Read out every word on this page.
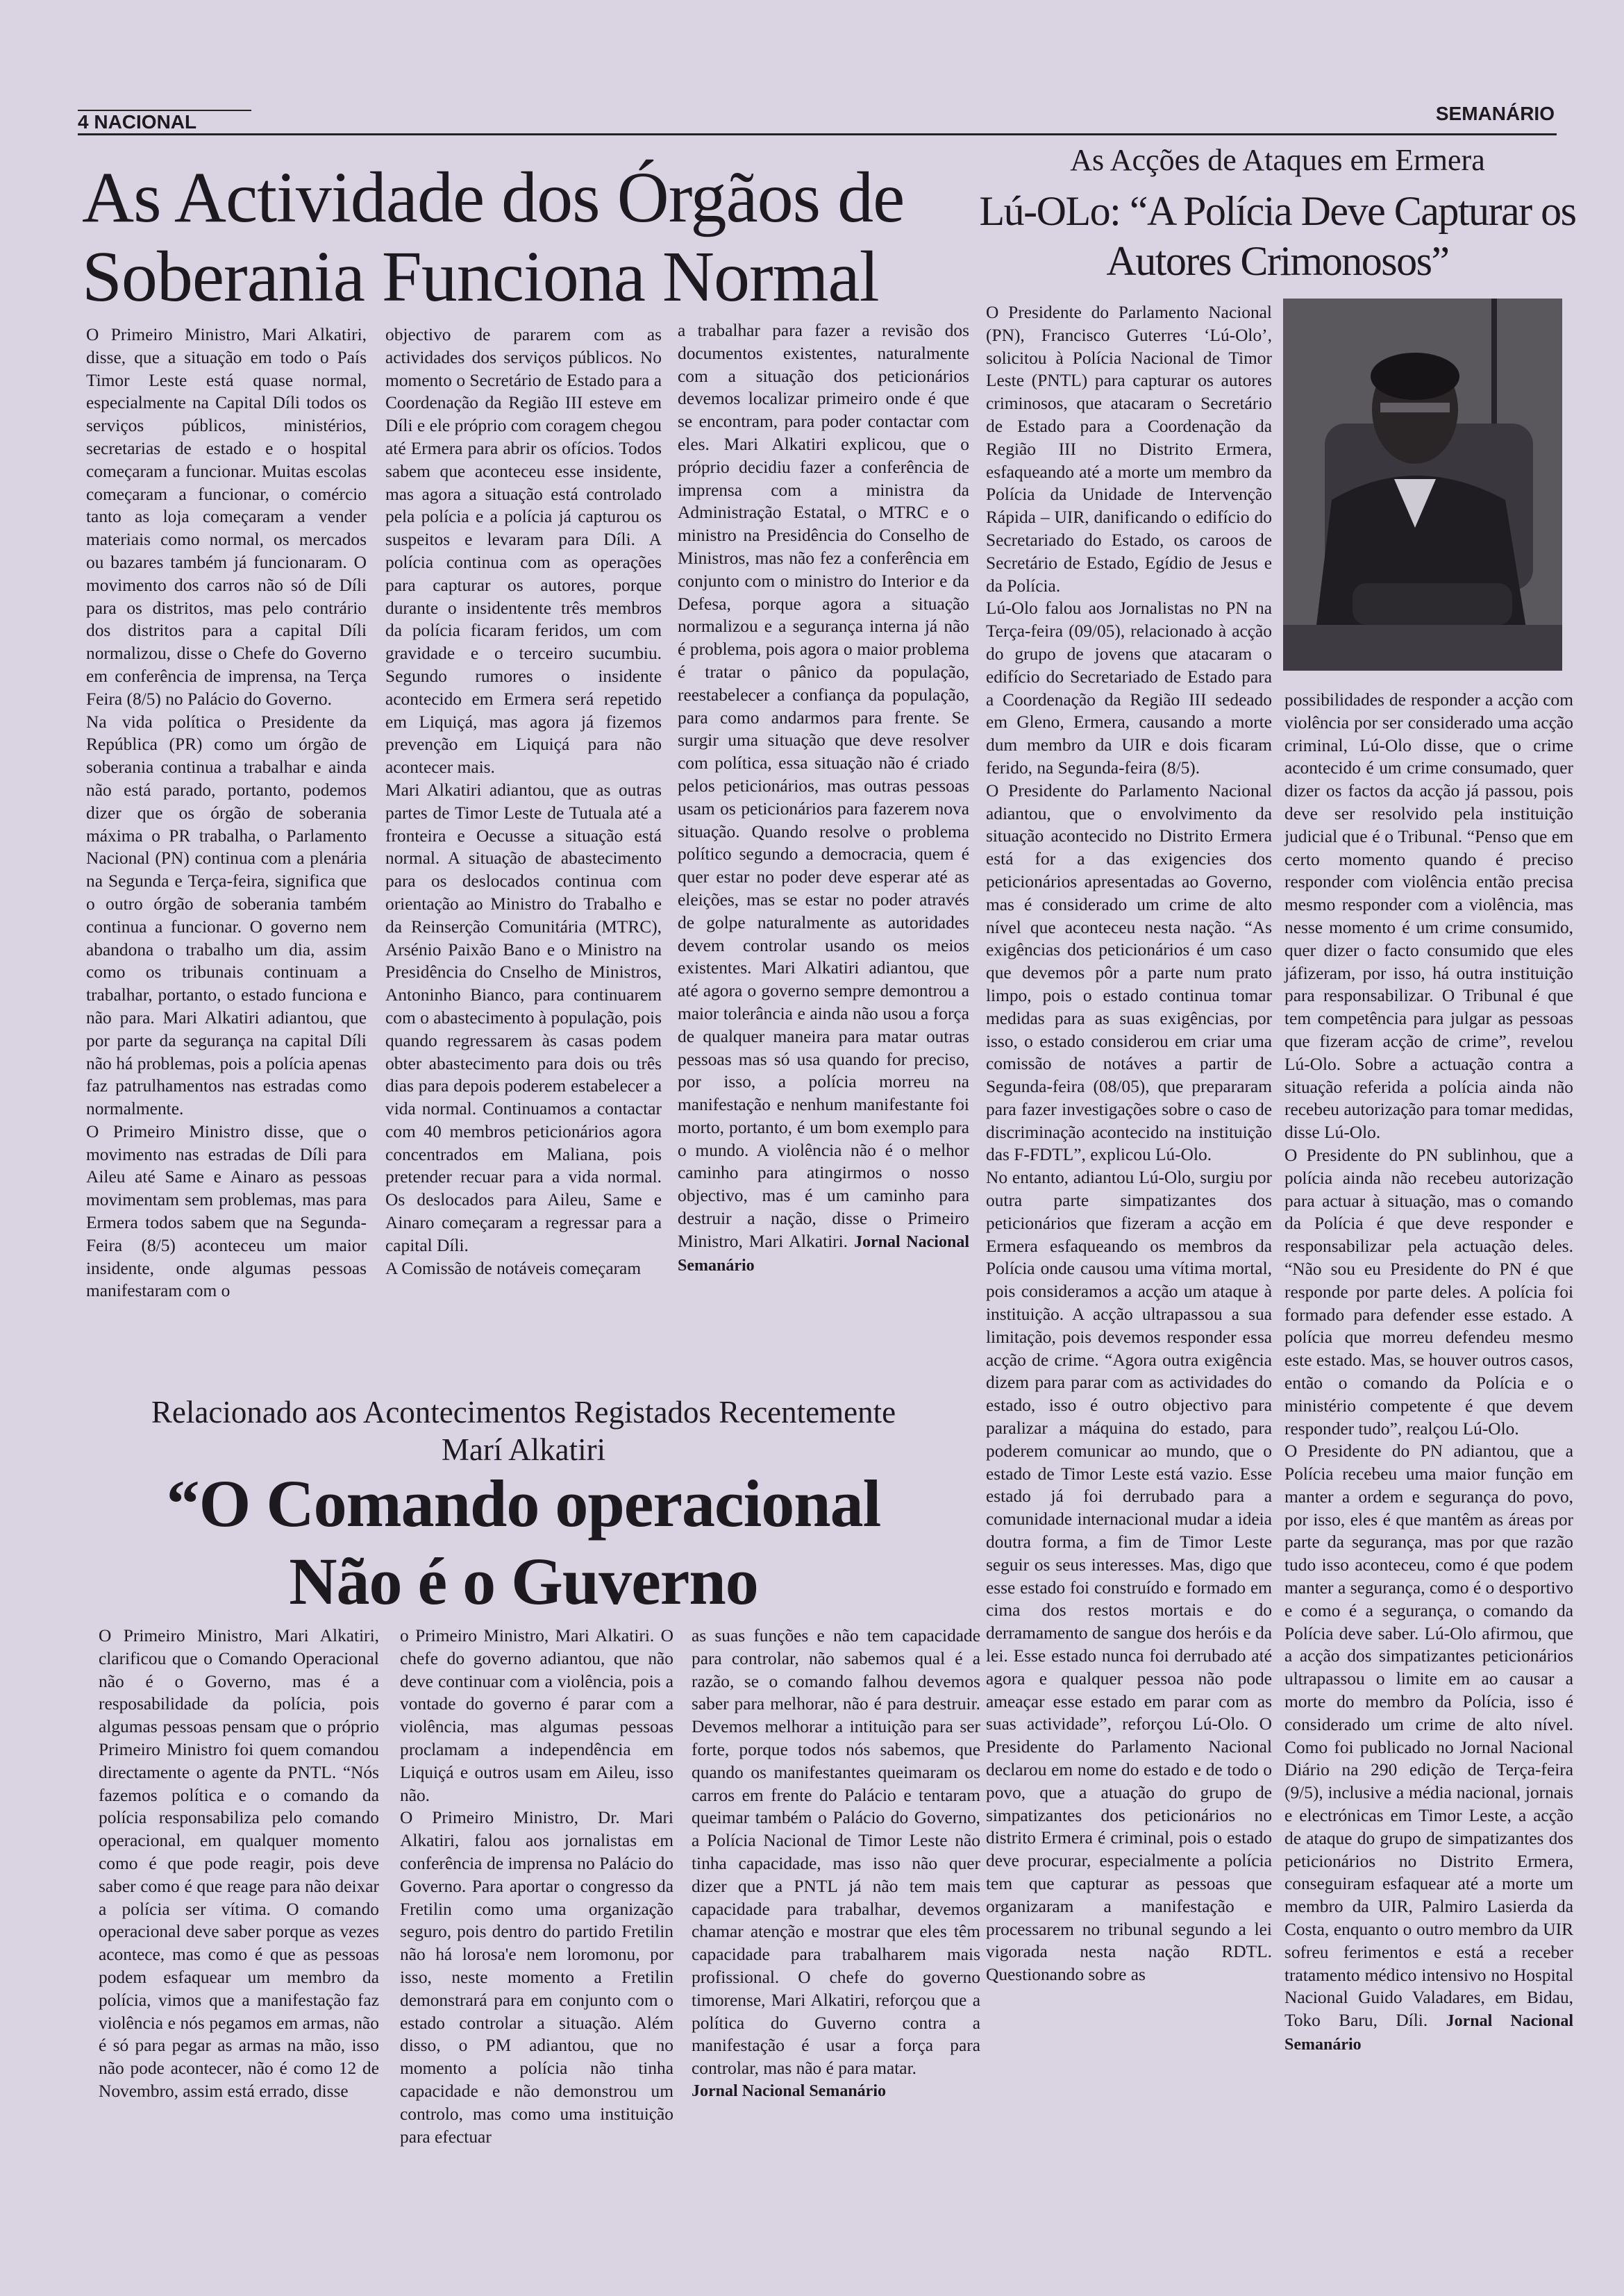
4 NACIONAL	SEMANÁRIO
As Actividade dos Órgãos de Soberania Funciona Normal

O Primeiro Ministro, Mari Alkatiri, disse, que a situação em todo o País Timor Leste está quase normal, especialmente na Capital Díli todos os serviços públicos, ministérios, secretarias de estado e o hospital começaram a funcionar. Muitas escolas começaram a funcionar, o comércio tanto as loja começaram a vender materiais como normal, os mercados ou bazares também já funcionaram. O movimento dos carros não só de Díli para os distritos, mas pelo contrário dos distritos para a capital Díli normalizou, disse o Chefe do Governo em conferência de imprensa, na Terça Feira (8/5) no Palácio do Governo.

Na vida política o Presidente da República (PR) como um órgão de soberania continua a trabalhar e ainda não está parado, portanto, podemos dizer que os órgão de soberania máxima o PR trabalha, o Parlamento Nacional (PN) continua com a plenária na Segunda e Terça-feira, significa que o outro órgão de soberania também continua a funcionar. O governo nem abandona o trabalho um dia, assim como os tribunais continuam a trabalhar, portanto, o estado funciona e não para. Mari Alkatiri adiantou, que por parte da segurança na capital Díli não há problemas, pois a polícia apenas faz patrulhamentos nas estradas como normalmente.

O Primeiro Ministro disse, que o movimento nas estradas de Díli para Aileu até Same e Ainaro as pessoas movimentam sem problemas, mas para Ermera todos sabem que na Segunda-Feira (8/5) aconteceu um maior insidente, onde algumas pessoas manifestaram com o

objectivo de pararem com as actividades dos serviços públicos. No momento o Secretário de Estado para a Coordenação da Região III esteve em Díli e ele próprio com coragem chegou até Ermera para abrir os ofícios. Todos sabem que aconteceu esse insidente, mas agora a situação está controlado pela polícia e a polícia já capturou os suspeitos e levaram para Díli. A polícia continua com as operações para capturar os autores, porque durante o insidentente três membros da polícia ficaram feridos, um com gravidade e o terceiro sucumbiu. Segundo rumores o insidente acontecido em Ermera será repetido em Liquiçá, mas agora já fizemos prevenção em Liquiçá para não acontecer mais.

Mari Alkatiri adiantou, que as outras partes de Timor Leste de Tutuala até a fronteira e Oecusse a situação está normal. A situação de abastecimento para os deslocados continua com orientação ao Ministro do Trabalho e da Reinserção Comunitária (MTRC), Arsénio Paixão Bano e o Ministro na Presidência do Cnselho de Ministros, Antoninho Bianco, para continuarem com o abastecimento à população, pois quando regressarem às casas podem obter abastecimento para dois ou três dias para depois poderem estabelecer a vida normal. Continuamos a contactar com 40 membros peticionários agora concentrados em Maliana, pois pretender recuar para a vida normal. Os deslocados para Aileu, Same e Ainaro começaram a regressar para a capital Díli.

A Comissão de notáveis começaram

a trabalhar para fazer a revisão dos documentos existentes, naturalmente com a situação dos peticionários devemos localizar primeiro onde é que se encontram, para poder contactar com eles. Mari Alkatiri explicou, que o próprio decidiu fazer a conferência de imprensa com a ministra da Administração Estatal, o MTRC e o ministro na Presidência do Conselho de Ministros, mas não fez a conferência em conjunto com o ministro do Interior e da Defesa, porque agora a situação normalizou e a segurança interna já não é problema, pois agora o maior problema é tratar o pânico da população, reestabelecer a confiança da população, para como andarmos para frente. Se surgir uma situação que deve resolver com política, essa situação não é criado pelos peticionários, mas outras pessoas usam os peticionários para fazerem nova situação. Quando resolve o problema político segundo a democracia, quem é quer estar no poder deve esperar até as eleições, mas se estar no poder através de golpe naturalmente as autoridades devem controlar usando os meios existentes. Mari Alkatiri adiantou, que até agora o governo sempre demontrou a maior tolerância e ainda não usou a força de qualquer maneira para matar outras pessoas mas só usa quando for preciso, por isso, a polícia morreu na manifestação e nenhum manifestante foi morto, portanto, é um bom exemplo para o mundo. A violência não é o melhor caminho para atingirmos o nosso objectivo, mas é um caminho para destruir a nação, disse o Primeiro Ministro, Mari Alkatiri. Jornal Nacional Semanário

As Acções de Ataques em Ermera
Lú-OLo: “A Polícia Deve Capturar os Autores Crimonosos”

O Presidente do Parlamento Nacional (PN), Francisco Guterres ‘Lú-Olo’, solicitou à Polícia Nacional de Timor Leste (PNTL) para capturar os autores criminosos, que atacaram o Secretário de Estado para a Coordenação da Região III no Distrito Ermera, esfaqueando até a morte um membro da Polícia da Unidade de Intervenção Rápida – UIR, danificando o edifício do Secretariado do Estado, os caroos de Secretário de Estado, Egídio de Jesus e da Polícia.

Lú-Olo falou aos Jornalistas no PN na Terça-feira (09/05), relacionado à acção do grupo de jovens que atacaram o edifício do Secretariado de Estado para a Coordenação da Região III sedeado em Gleno, Ermera, causando a morte dum membro da UIR e dois ficaram ferido, na Segunda-feira (8/5).

O Presidente do Parlamento Nacional adiantou, que o envolvimento da situação acontecido no Distrito Ermera está for a das exigencies dos peticionários apresentadas ao Governo, mas é considerado um crime de alto nível que aconteceu nesta nação. “As exigências dos peticionários é um caso que devemos pôr a parte num prato limpo, pois o estado continua tomar medidas para as suas exigências, por isso, o estado considerou em criar uma comissão de notáves a partir de Segunda-feira (08/05), que prepararam para fazer investigações sobre o caso de discriminação acontecido na instituição das F-FDTL”, explicou Lú-Olo.

No entanto, adiantou Lú-Olo, surgiu por outra parte simpatizantes dos peticionários que fizeram a acção em Ermera esfaqueando os membros da Polícia onde causou uma vítima mortal, pois consideramos a acção um ataque à instituição. A acção ultrapassou a sua limitação, pois devemos responder essa acção de crime. “Agora outra exigência dizem para parar com as actividades do estado, isso é outro objectivo para paralizar a máquina do estado, para poderem comunicar ao mundo, que o estado de Timor Leste está vazio. Esse estado já foi derrubado para a comunidade internacional mudar a ideia doutra forma, a fim de Timor Leste seguir os seus interesses. Mas, digo que esse estado foi construído e formado em cima dos restos mortais e do derramamento de sangue dos heróis e da lei. Esse estado nunca foi derrubado até agora e qualquer pessoa não pode ameaçar esse estado em parar com as suas actividade”, reforçou Lú-Olo. O Presidente do Parlamento Nacional declarou em nome do estado e de todo o povo, que a atuação do grupo de simpatizantes dos peticionários no distrito Ermera é criminal, pois o estado deve procurar, especialmente a polícia tem que capturar as pessoas que organizaram a manifestação e processarem no tribunal segundo a lei vigorada nesta nação RDTL. Questionando sobre as

possibilidades de responder a acção com violência por ser considerado uma acção criminal, Lú-Olo disse, que o crime acontecido é um crime consumado, quer dizer os factos da acção já passou, pois deve ser resolvido pela instituição judicial que é o Tribunal. “Penso que em certo momento quando é preciso responder com violência então precisa mesmo responder com a violência, mas nesse momento é um crime consumido, quer dizer o facto consumido que eles jáfizeram, por isso, há outra instituição para responsabilizar. O Tribunal é que tem competência para julgar as pessoas que fizeram acção de crime”, revelou Lú-Olo. Sobre a actuação contra a situação referida a polícia ainda não recebeu autorização para tomar medidas, disse Lú-Olo.

O Presidente do PN sublinhou, que a polícia ainda não recebeu autorização para actuar à situação, mas o comando da Polícia é que deve responder e responsabilizar pela actuação deles. “Não sou eu Presidente do PN é que responde por parte deles. A polícia foi formado para defender esse estado. A polícia que morreu defendeu mesmo este estado. Mas, se houver outros casos, então o comando da Polícia e o ministério competente é que devem responder tudo”, realçou Lú-Olo.

O Presidente do PN adiantou, que a Polícia recebeu uma maior função em manter a ordem e segurança do povo, por isso, eles é que mantêm as áreas por parte da segurança, mas por que razão tudo isso aconteceu, como é que podem manter a segurança, como é o desportivo e como é a segurança, o comando da Polícia deve saber. Lú-Olo afirmou, que a acção dos simpatizantes peticionários ultrapassou o limite em ao causar a morte do membro da Polícia, isso é considerado um crime de alto nível. Como foi publicado no Jornal Nacional Diário na 290 edição de Terça-feira (9/5), inclusive a média nacional, jornais e electrónicas em Timor Leste, a acção de ataque do grupo de simpatizantes dos peticionários no Distrito Ermera, conseguiram esfaquear até a morte um membro da UIR, Palmiro Lasierda da Costa, enquanto o outro membro da UIR sofreu ferimentos e está a receber tratamento médico intensivo no Hospital Nacional Guido Valadares, em Bidau, Toko Baru, Díli. Jornal Nacional Semanário

Relacionado aos Acontecimentos Registados Recentemente
Marí Alkatiri
“O Comando operacional
Não é o Guverno

O Primeiro Ministro, Mari Alkatiri, clarificou que o Comando Operacional não é o Governo, mas é a resposabilidade da polícia, pois algumas pessoas pensam que o próprio Primeiro Ministro foi quem comandou directamente o agente da PNTL. “Nós fazemos política e o comando da polícia responsabiliza pelo comando operacional, em qualquer momento como é que pode reagir, pois deve saber como é que reage para não deixar a polícia ser vítima. O comando operacional deve saber porque as vezes acontece, mas como é que as pessoas podem esfaquear um membro da polícia, vimos que a manifestação faz violência e nós pegamos em armas, não é só para pegar as armas na mão, isso não pode acontecer, não é como 12 de Novembro, assim está errado, disse

o Primeiro Ministro, Mari Alkatiri. O chefe do governo adiantou, que não deve continuar com a violência, pois a vontade do governo é parar com a violência, mas algumas pessoas proclamam a independência em Liquiçá e outros usam em Aileu, isso não.

O Primeiro Ministro, Dr. Mari Alkatiri, falou aos jornalistas em conferência de imprensa no Palácio do Governo. Para aportar o congresso da Fretilin como uma organização seguro, pois dentro do partido Fretilin não há lorosa'e nem loromonu, por isso, neste momento a Fretilin demonstrará para em conjunto com o estado controlar a situação. Além disso, o PM adiantou, que no momento a polícia não tinha capacidade e não demonstrou um controlo, mas como uma instituição para efectuar

as suas funções e não tem capacidade para controlar, não sabemos qual é a razão, se o comando falhou devemos saber para melhorar, não é para destruir. Devemos melhorar a intituição para ser forte, porque todos nós sabemos, que quando os manifestantes queimaram os carros em frente do Palácio e tentaram queimar também o Palácio do Governo, a Polícia Nacional de Timor Leste não tinha capacidade, mas isso não quer dizer que a PNTL já não tem mais capacidade para trabalhar, devemos chamar atenção e mostrar que eles têm capacidade para trabalharem mais profissional. O chefe do governo timorense, Mari Alkatiri, reforçou que a política do Guverno contra a manifestação é usar a força para controlar, mas não é para matar.

Jornal Nacional Semanário
